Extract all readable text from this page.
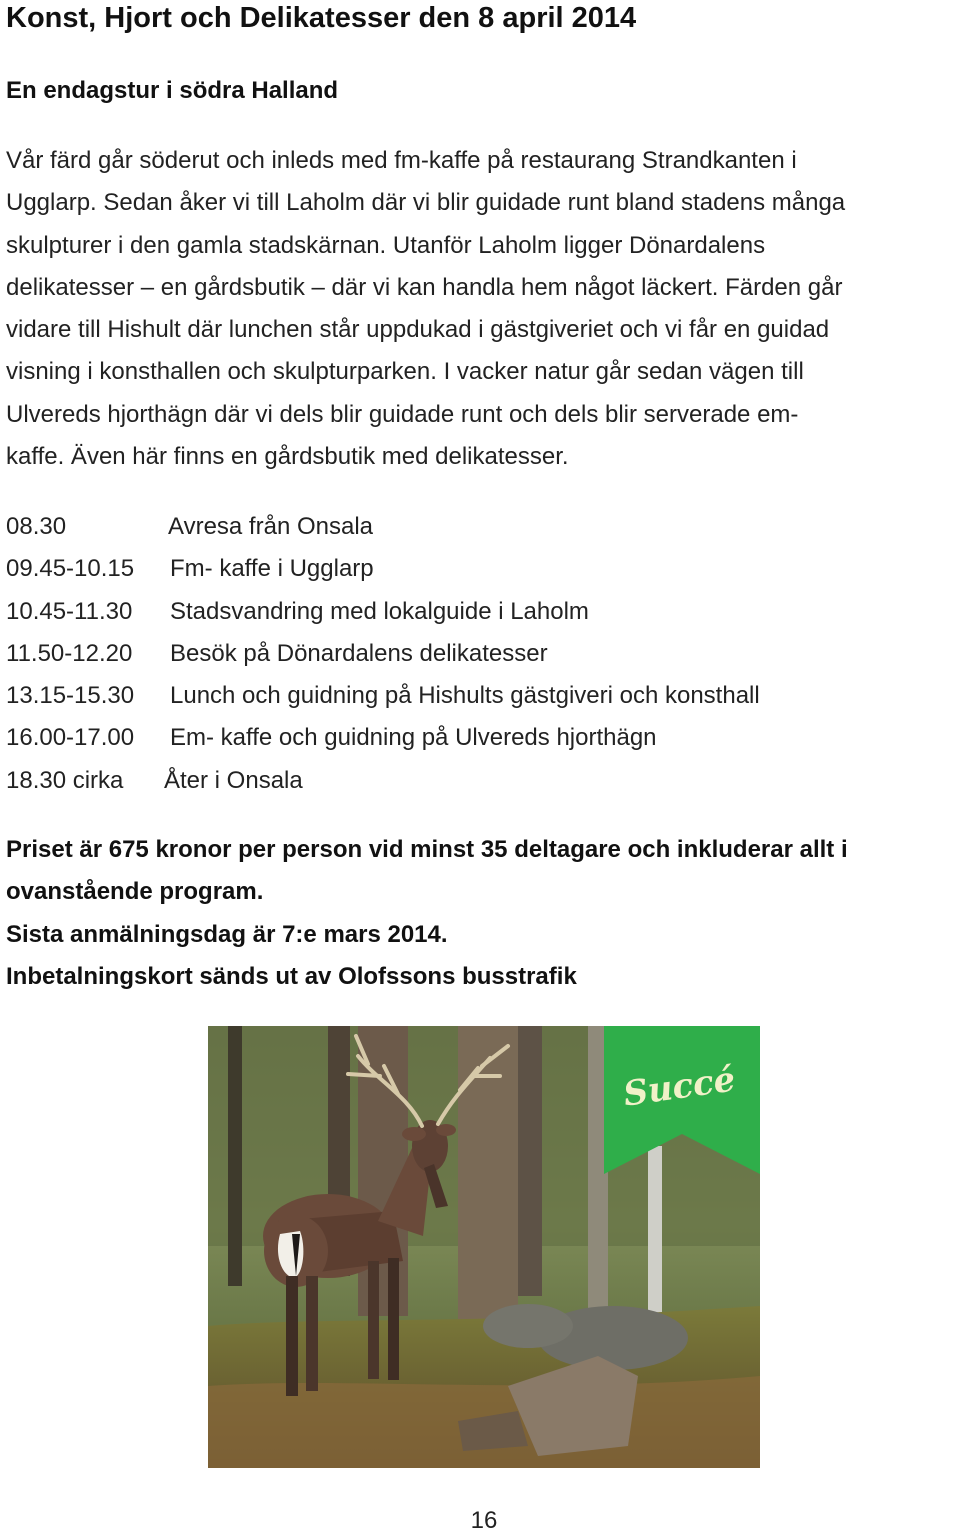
Konst, Hjort och Delikatesser den 8 april 2014
En endagstur i södra Halland
Vår färd går söderut och inleds med fm-kaffe på restaurang Strandkanten i
Ugglarp. Sedan åker vi till Laholm där vi blir guidade runt bland stadens många
skulpturer i den gamla stadskärnan. Utanför Laholm ligger Dönardalens
delikatesser – en gårdsbutik – där vi kan handla hem något läckert. Färden går
vidare till Hishult där lunchen står uppdukad i gästgiveriet och vi får en guidad
visning i konsthallen och skulpturparken. I vacker natur går sedan vägen till
Ulvereds hjorthägn där vi dels blir guidade runt och dels blir serverade em-
kaffe. Även här finns en gårdsbutik med delikatesser.
08.30	Avresa från Onsala
09.45-10.15 Fm- kaffe i Ugglarp
10.45-11.30 Stadsvandring med lokalguide i Laholm
11.50-12.20 Besök på Dönardalens delikatesser
13.15-15.30 Lunch och guidning på Hishults gästgiveri och konsthall
16.00-17.00 Em- kaffe och guidning på Ulvereds hjorthägn
18.30 cirka Åter i Onsala
Priset är 675 kronor per person vid minst 35 deltagare och inkluderar allt i
ovanstående program.
Sista anmälningsdag är 7:e mars 2014.
Inbetalningskort sänds ut av Olofssons busstrafik
Succé
16
